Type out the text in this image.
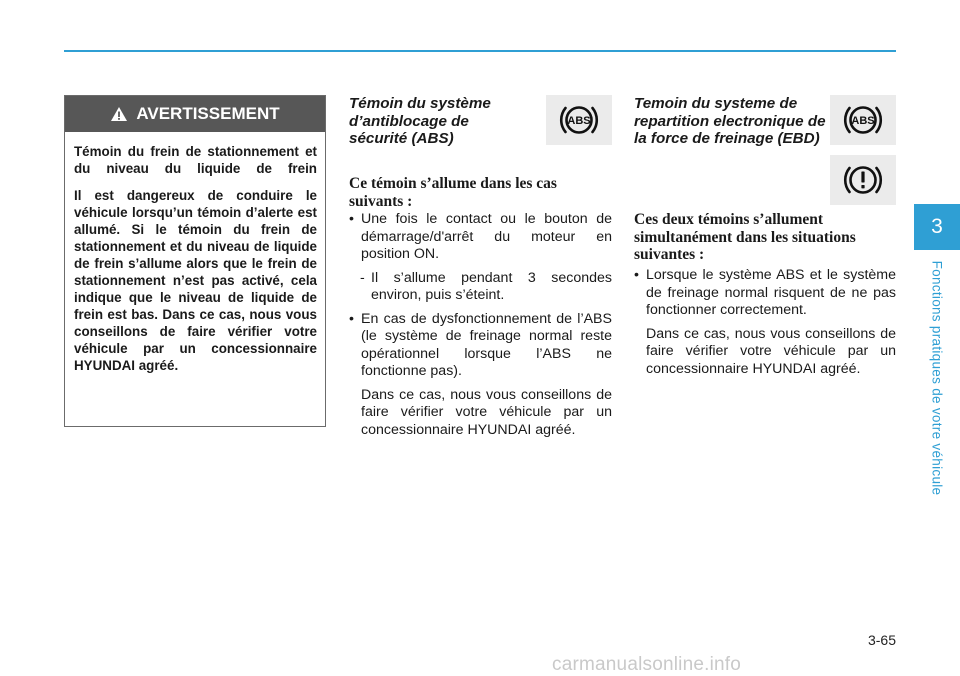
AVERTISSEMENT

Témoin du frein de stationnement et du niveau du liquide de frein

Il est dangereux de conduire le véhicule lorsqu’un témoin d’alerte est allumé. Si le témoin du frein de stationnement et du niveau de liquide de frein s’allume alors que le frein de stationnement n’est pas activé, cela indique que le niveau de liquide de frein est bas. Dans ce cas, nous vous conseillons de faire vérifier votre véhicule par un concessionnaire HYUNDAI agréé.

Témoin du système d’antiblocage de sécurité (ABS)
ABS

Ce témoin s’allume dans les cas suivants :

• Une fois le contact ou le bouton de démarrage/d'arrêt du moteur en position ON.

- Il s’allume pendant 3 secondes environ, puis s’éteint.

• En cas de dysfonctionnement de l’ABS (le système de freinage normal reste opérationnel lorsque l’ABS ne fonctionne pas).

Dans ce cas, nous vous conseillons de faire vérifier votre véhicule par un concessionnaire HYUNDAI agréé.

Temoin du systeme de repartition electronique de la force de freinage (EBD)
ABS

Ces deux témoins s’allument simultanément dans les situations suivantes :

• Lorsque le système ABS et le système de freinage normal risquent de ne pas fonctionner correctement.

Dans ce cas, nous vous conseillons de faire vérifier votre véhicule par un concessionnaire HYUNDAI agréé.

3
Fonctions pratiques de votre véhicule
3-65
carmanualsonline.info
